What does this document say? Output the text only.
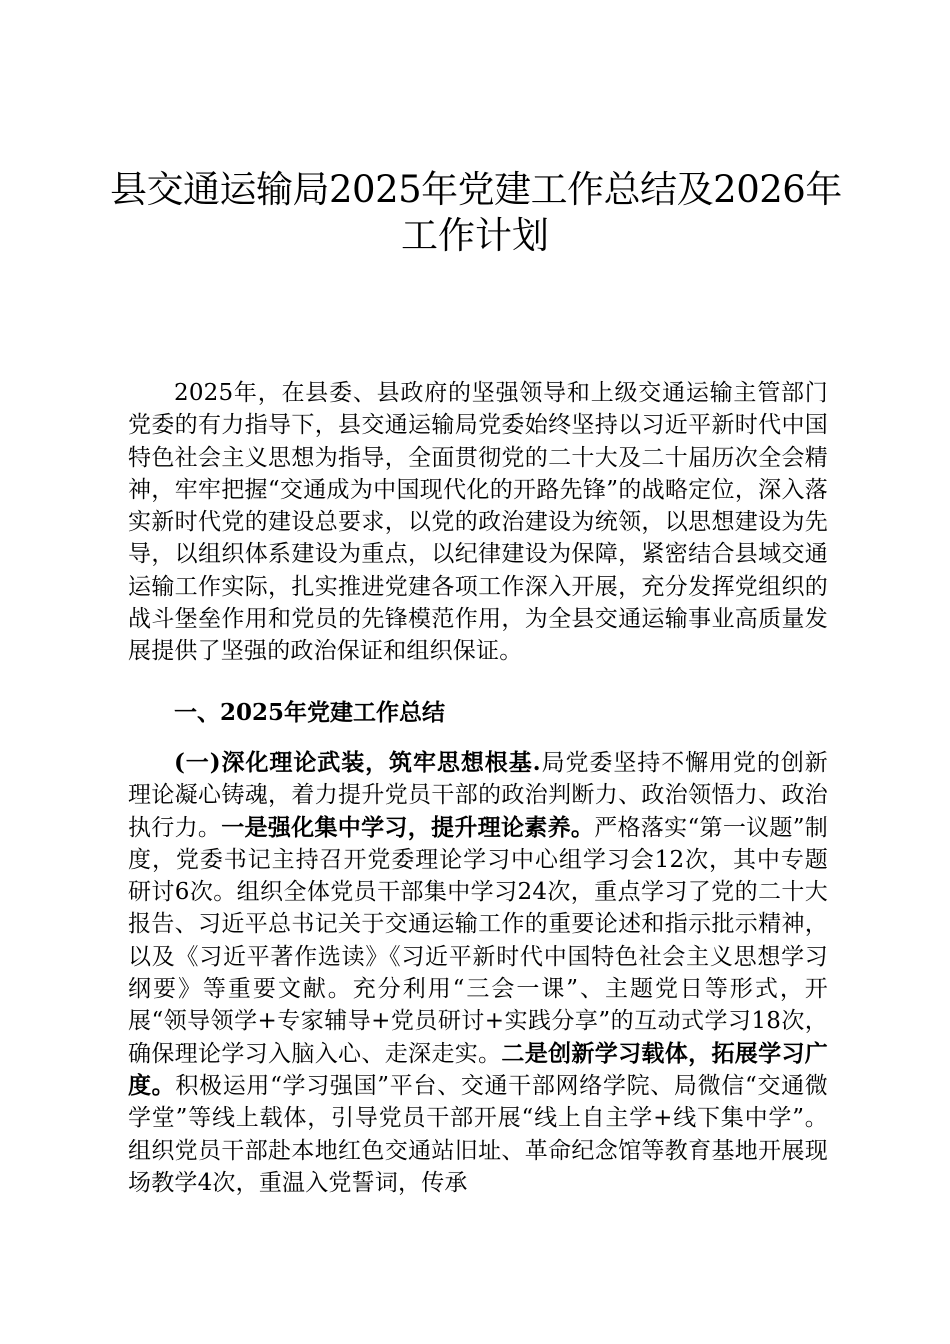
县交通运输局2025年党建工作总结及2026年
工作计划

2025年，在县委、县政府的坚强领导和上级交通运输主管部门党委的有力指导下，县交通运输局党委始终坚持以习近平新时代中国特色社会主义思想为指导，全面贯彻党的二十大及二十届历次全会精神，牢牢把握“交通成为中国现代化的开路先锋”的战略定位，深入落实新时代党的建设总要求，以党的政治建设为统领，以思想建设为先导，以组织体系建设为重点，以纪律建设为保障，紧密结合县域交通运输工作实际，扎实推进党建各项工作深入开展，充分发挥党组织的战斗堡垒作用和党员的先锋模范作用，为全县交通运输事业高质量发展提供了坚强的政治保证和组织保证。

一、2025年党建工作总结

(一)深化理论武装，筑牢思想根基.局党委坚持不懈用党的创新理论凝心铸魂，着力提升党员干部的政治判断力、政治领悟力、政治执行力。一是强化集中学习，提升理论素养。严格落实“第一议题”制度，党委书记主持召开党委理论学习中心组学习会12次，其中专题研讨6次。组织全体党员干部集中学习24次，重点学习了党的二十大报告、习近平总书记关于交通运输工作的重要论述和指示批示精神，以及《习近平著作选读》《习近平新时代中国特色社会主义思想学习纲要》等重要文献。充分利用“三会一课”、主题党日等形式，开展“领导领学+专家辅导+党员研讨+实践分享”的互动式学习18次，确保理论学习入脑入心、走深走实。二是创新学习载体，拓展学习广度。积极运用“学习强国”平台、交通干部网络学院、局微信“交通微学堂”等线上载体，引导党员干部开展“线上自主学+线下集中学”。组织党员干部赴本地红色交通站旧址、革命纪念馆等教育基地开展现场教学4次，重温入党誓词，传承
